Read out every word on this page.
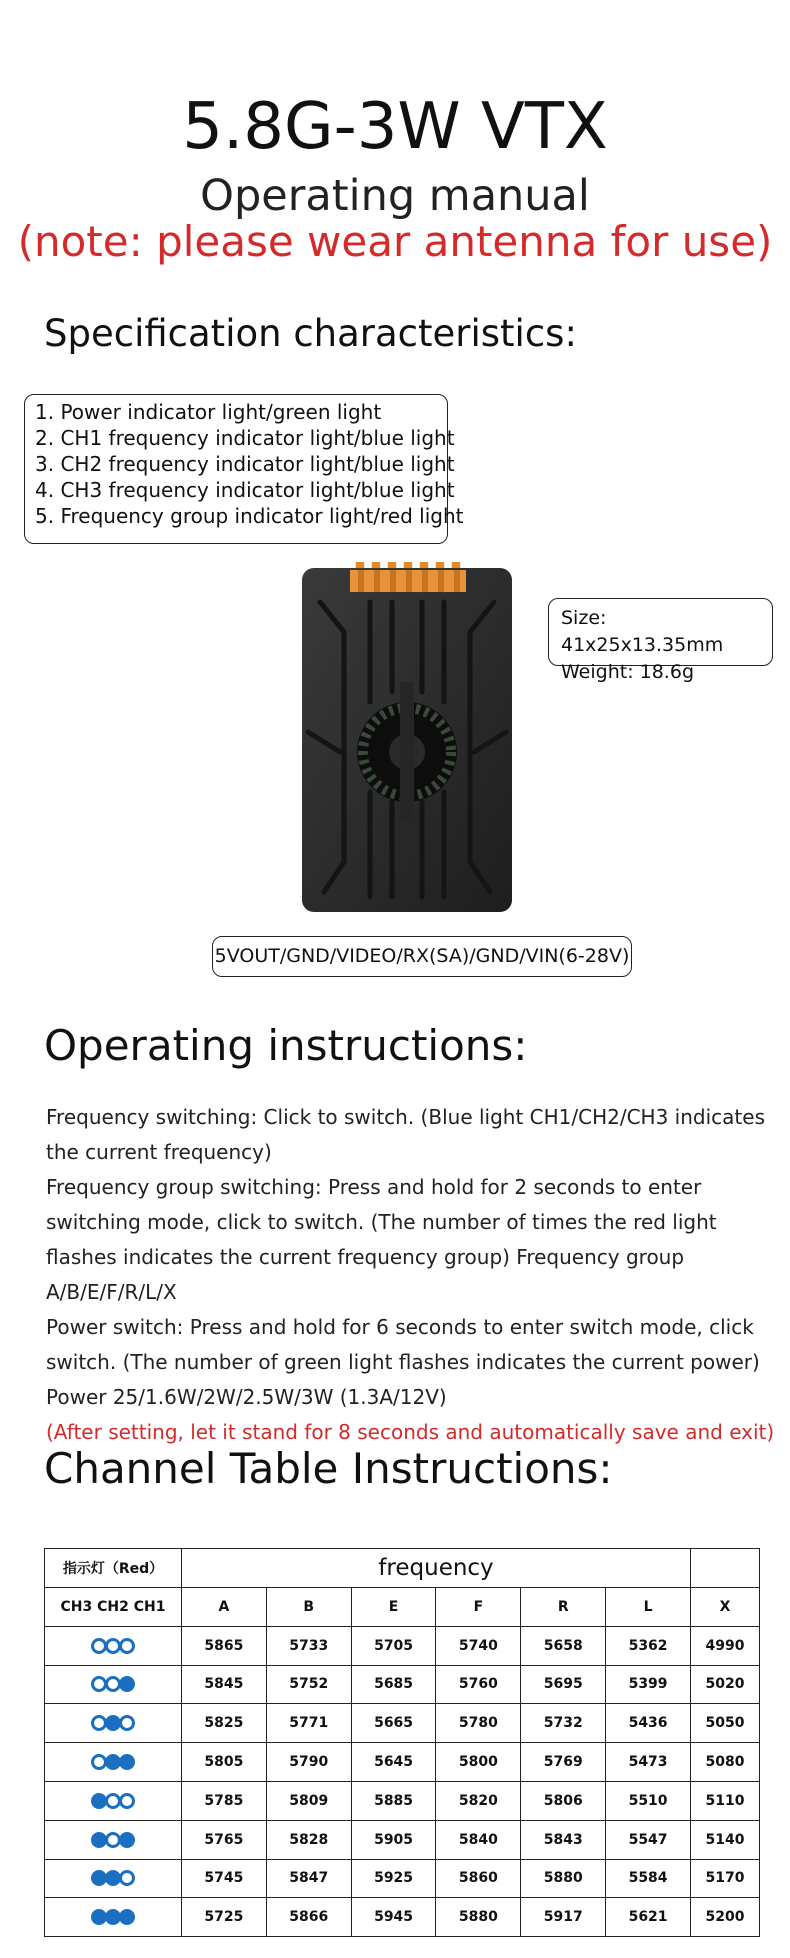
5.8G-3W VTX
Operating manual
(note: please wear antenna for use)
Specification characteristics:
1. Power indicator light/green light
2. CH1 frequency indicator light/blue light
3. CH2 frequency indicator light/blue light
4. CH3 frequency indicator light/blue light
5. Frequency group indicator light/red light
Size: 41x25x13.35mm
Weight: 18.6g
5VOUT/GND/VIDEO/RX(SA)/GND/VIN(6-28V)
Operating instructions:
Frequency switching: Click to switch. (Blue light CH1/CH2/CH3 indicates the current frequency)
Frequency group switching: Press and hold for 2 seconds to enter switching mode, click to switch. (The number of times the red light flashes indicates the current frequency group) Frequency group A/B/E/F/R/L/X
Power switch: Press and hold for 6 seconds to enter switch mode, click switch. (The number of green light flashes indicates the current power)
Power 25/1.6W/2W/2.5W/3W (1.3A/12V)
(After setting, let it stand for 8 seconds and automatically save and exit)
Channel Table Instructions:
指示灯（Red）	frequency						
CH3 CH2 CH1	A	B	E	F	R	L	X
	5865	5733	5705	5740	5658	5362	4990
	5845	5752	5685	5760	5695	5399	5020
	5825	5771	5665	5780	5732	5436	5050
	5805	5790	5645	5800	5769	5473	5080
	5785	5809	5885	5820	5806	5510	5110
	5765	5828	5905	5840	5843	5547	5140
	5745	5847	5925	5860	5880	5584	5170
	5725	5866	5945	5880	5917	5621	5200
